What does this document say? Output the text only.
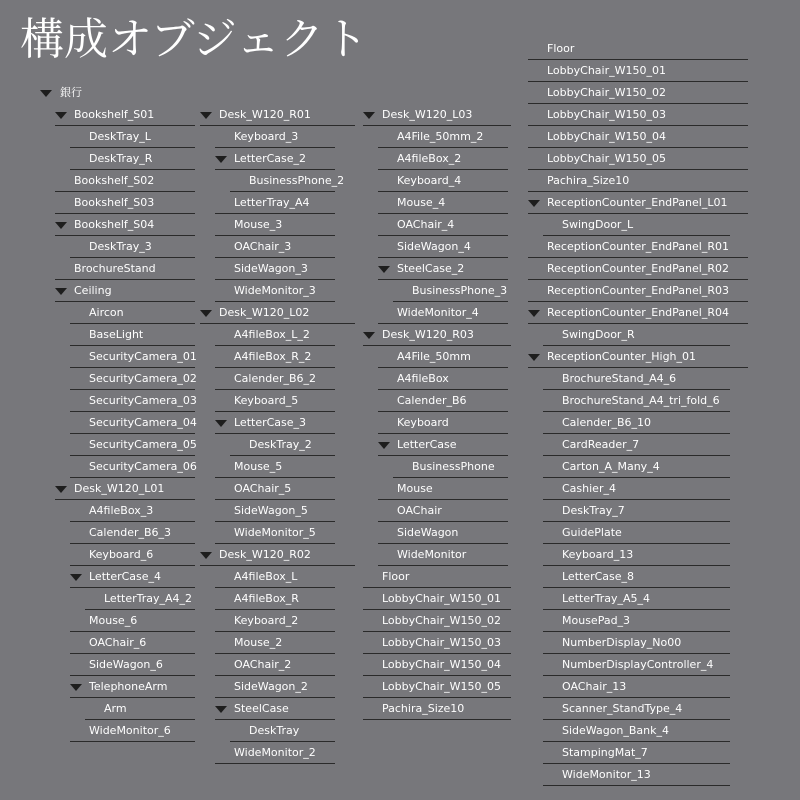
構成オブジェクト
銀行
Bookshelf_S01
DeskTray_L
DeskTray_R
Bookshelf_S02
Bookshelf_S03
Bookshelf_S04
DeskTray_3
BrochureStand
Ceiling
Aircon
BaseLight
SecurityCamera_01
SecurityCamera_02
SecurityCamera_03
SecurityCamera_04
SecurityCamera_05
SecurityCamera_06
Desk_W120_L01
A4fileBox_3
Calender_B6_3
Keyboard_6
LetterCase_4
LetterTray_A4_2
Mouse_6
OAChair_6
SideWagon_6
TelephoneArm
Arm
WideMonitor_6
Desk_W120_R01
Keyboard_3
LetterCase_2
BusinessPhone_2
LetterTray_A4
Mouse_3
OAChair_3
SideWagon_3
WideMonitor_3
Desk_W120_L02
A4fileBox_L_2
A4fileBox_R_2
Calender_B6_2
Keyboard_5
LetterCase_3
DeskTray_2
Mouse_5
OAChair_5
SideWagon_5
WideMonitor_5
Desk_W120_R02
A4fileBox_L
A4fileBox_R
Keyboard_2
Mouse_2
OAChair_2
SideWagon_2
SteelCase
DeskTray
WideMonitor_2
Desk_W120_L03
A4File_50mm_2
A4fileBox_2
Keyboard_4
Mouse_4
OAChair_4
SideWagon_4
SteelCase_2
BusinessPhone_3
WideMonitor_4
Desk_W120_R03
A4File_50mm
A4fileBox
Calender_B6
Keyboard
LetterCase
BusinessPhone
Mouse
OAChair
SideWagon
WideMonitor
Floor
LobbyChair_W150_01
LobbyChair_W150_02
LobbyChair_W150_03
LobbyChair_W150_04
LobbyChair_W150_05
Pachira_Size10
Floor
LobbyChair_W150_01
LobbyChair_W150_02
LobbyChair_W150_03
LobbyChair_W150_04
LobbyChair_W150_05
Pachira_Size10
ReceptionCounter_EndPanel_L01
SwingDoor_L
ReceptionCounter_EndPanel_R01
ReceptionCounter_EndPanel_R02
ReceptionCounter_EndPanel_R03
ReceptionCounter_EndPanel_R04
SwingDoor_R
ReceptionCounter_High_01
BrochureStand_A4_6
BrochureStand_A4_tri_fold_6
Calender_B6_10
CardReader_7
Carton_A_Many_4
Cashier_4
DeskTray_7
GuidePlate
Keyboard_13
LetterCase_8
LetterTray_A5_4
MousePad_3
NumberDisplay_No00
NumberDisplayController_4
OAChair_13
Scanner_StandType_4
SideWagon_Bank_4
StampingMat_7
WideMonitor_13
